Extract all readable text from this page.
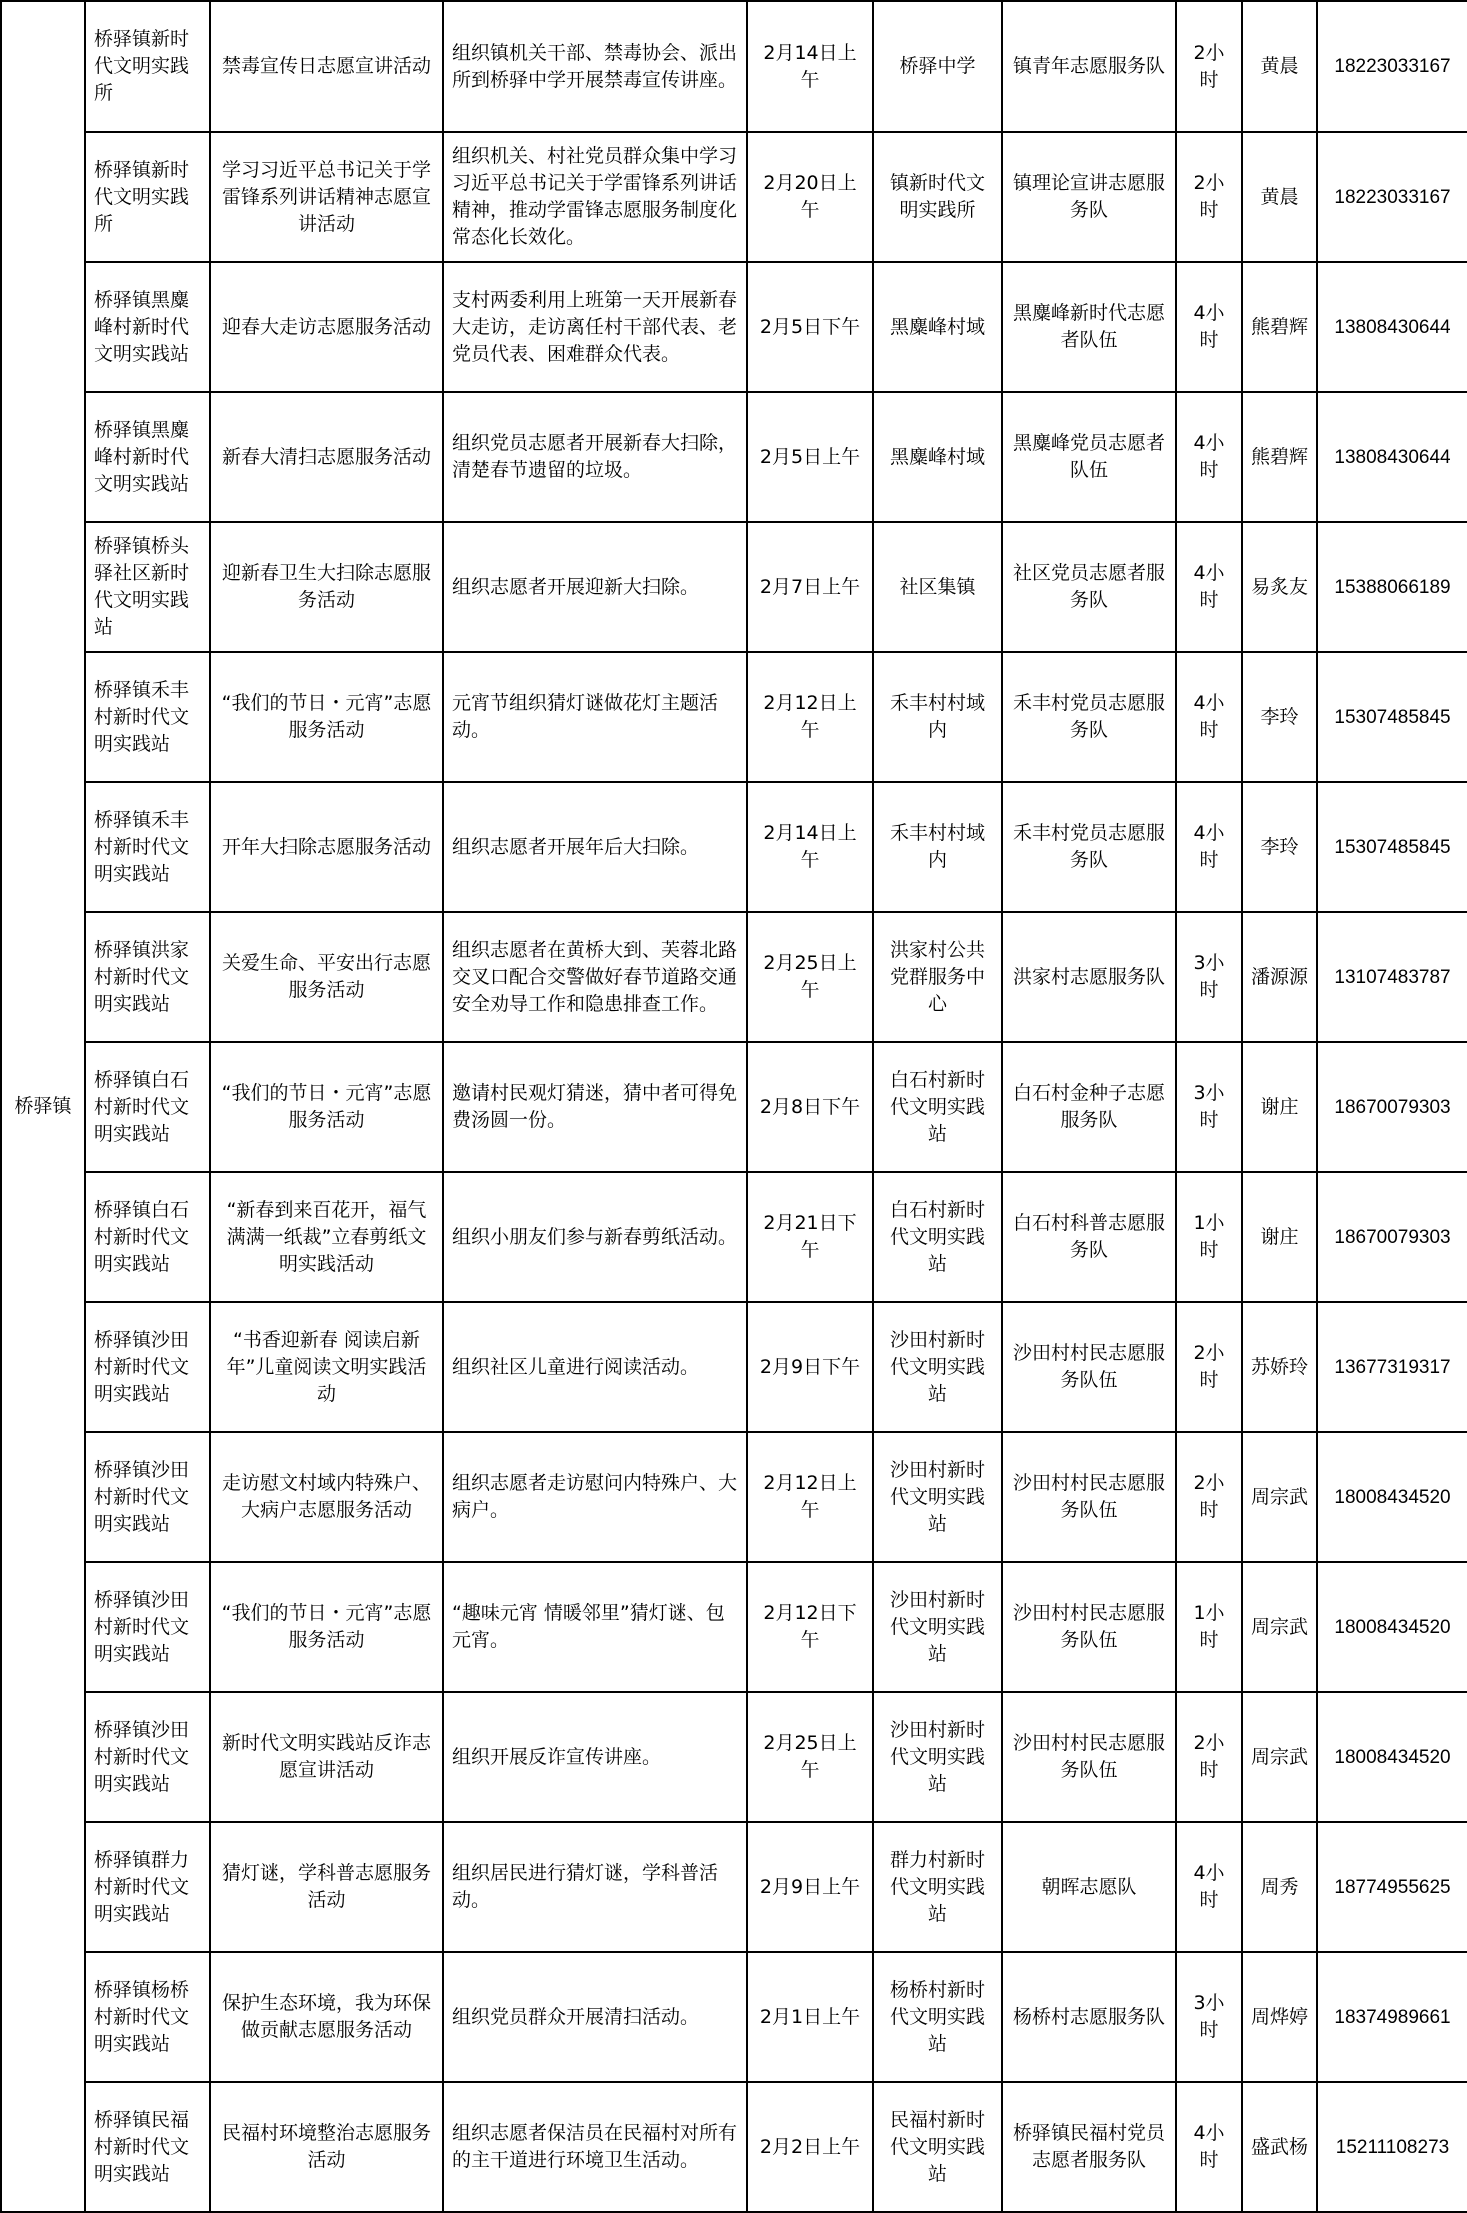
桥驿镇	桥驿镇新时代文明实践所	禁毒宣传日志愿宣讲活动	组织镇机关干部、禁毒协会、派出所到桥驿中学开展禁毒宣传讲座。	2月14日上午	桥驿中学	镇青年志愿服务队	2小时	黄晨	18223033167
	桥驿镇新时代文明实践所	学习习近平总书记关于学雷锋系列讲话精神志愿宣讲活动	组织机关、村社党员群众集中学习习近平总书记关于学雷锋系列讲话精神，推动学雷锋志愿服务制度化常态化长效化。	2月20日上午	镇新时代文明实践所	镇理论宣讲志愿服务队	2小时	黄晨	18223033167
	桥驿镇黑麋峰村新时代文明实践站	迎春大走访志愿服务活动	支村两委利用上班第一天开展新春大走访，走访离任村干部代表、老党员代表、困难群众代表。	2月5日下午	黑麋峰村域	黑麋峰新时代志愿者队伍	4小时	熊碧辉	13808430644
	桥驿镇黑麋峰村新时代文明实践站	新春大清扫志愿服务活动	组织党员志愿者开展新春大扫除，清楚春节遗留的垃圾。	2月5日上午	黑麋峰村域	黑麋峰党员志愿者队伍	4小时	熊碧辉	13808430644
	桥驿镇桥头驿社区新时代文明实践站	迎新春卫生大扫除志愿服务活动	组织志愿者开展迎新大扫除。	2月7日上午	社区集镇	社区党员志愿者服务队	4小时	易炙友	15388066189
	桥驿镇禾丰村新时代文明实践站	“我们的节日・元宵”志愿服务活动	元宵节组织猜灯谜做花灯主题活动。	2月12日上午	禾丰村村域内	禾丰村党员志愿服务队	4小时	李玲	15307485845
	桥驿镇禾丰村新时代文明实践站	开年大扫除志愿服务活动	组织志愿者开展年后大扫除。	2月14日上午	禾丰村村域内	禾丰村党员志愿服务队	4小时	李玲	15307485845
	桥驿镇洪家村新时代文明实践站	关爱生命、平安出行志愿服务活动	组织志愿者在黄桥大到、芙蓉北路交叉口配合交警做好春节道路交通安全劝导工作和隐患排查工作。	2月25日上午	洪家村公共党群服务中心	洪家村志愿服务队	3小时	潘源源	13107483787
	桥驿镇白石村新时代文明实践站	“我们的节日・元宵”志愿服务活动	邀请村民观灯猜迷，猜中者可得免费汤圆一份。	2月8日下午	白石村新时代文明实践站	白石村金种子志愿服务队	3小时	谢庄	18670079303
	桥驿镇白石村新时代文明实践站	“新春到来百花开，福气满满一纸裁”立春剪纸文明实践活动	组织小朋友们参与新春剪纸活动。	2月21日下午	白石村新时代文明实践站	白石村科普志愿服务队	1小时	谢庄	18670079303
	桥驿镇沙田村新时代文明实践站	“书香迎新春 阅读启新年”儿童阅读文明实践活动	组织社区儿童进行阅读活动。	2月9日下午	沙田村新时代文明实践站	沙田村村民志愿服务队伍	2小时	苏娇玲	13677319317
	桥驿镇沙田村新时代文明实践站	走访慰文村域内特殊户、大病户志愿服务活动	组织志愿者走访慰问内特殊户、大病户。	2月12日上午	沙田村新时代文明实践站	沙田村村民志愿服务队伍	2小时	周宗武	18008434520
	桥驿镇沙田村新时代文明实践站	“我们的节日・元宵”志愿服务活动	“趣味元宵 情暖邻里”猜灯谜、包元宵。	2月12日下午	沙田村新时代文明实践站	沙田村村民志愿服务队伍	1小时	周宗武	18008434520
	桥驿镇沙田村新时代文明实践站	新时代文明实践站反诈志愿宣讲活动	组织开展反诈宣传讲座。	2月25日上午	沙田村新时代文明实践站	沙田村村民志愿服务队伍	2小时	周宗武	18008434520
	桥驿镇群力村新时代文明实践站	猜灯谜，学科普志愿服务活动	组织居民进行猜灯谜，学科普活动。	2月9日上午	群力村新时代文明实践站	朝晖志愿队	4小时	周秀	18774955625
	桥驿镇杨桥村新时代文明实践站	保护生态环境，我为环保做贡献志愿服务活动	组织党员群众开展清扫活动。	2月1日上午	杨桥村新时代文明实践站	杨桥村志愿服务队	3小时	周烨婷	18374989661
	桥驿镇民福村新时代文明实践站	民福村环境整治志愿服务活动	组织志愿者保洁员在民福村对所有的主干道进行环境卫生活动。	2月2日上午	民福村新时代文明实践站	桥驿镇民福村党员志愿者服务队	4小时	盛武杨	15211108273
